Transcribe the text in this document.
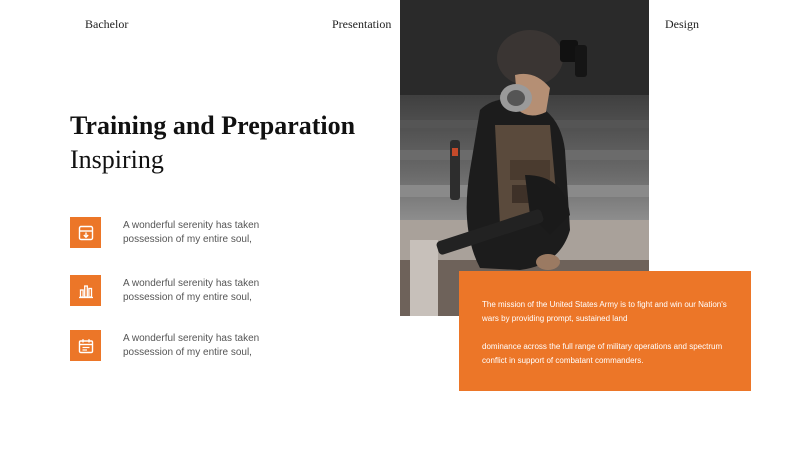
Bachelor	Presentation	Design
Training and Preparation
Inspiring
A wonderful serenity has taken possession of my entire soul,
A wonderful serenity has taken possession of my entire soul,
A wonderful serenity has taken possession of my entire soul,
The mission of the United States Army is to fight and win our Nation's wars by providing prompt, sustained land
dominance across the full range of military operations and spectrum conflict in support of combatant commanders.
